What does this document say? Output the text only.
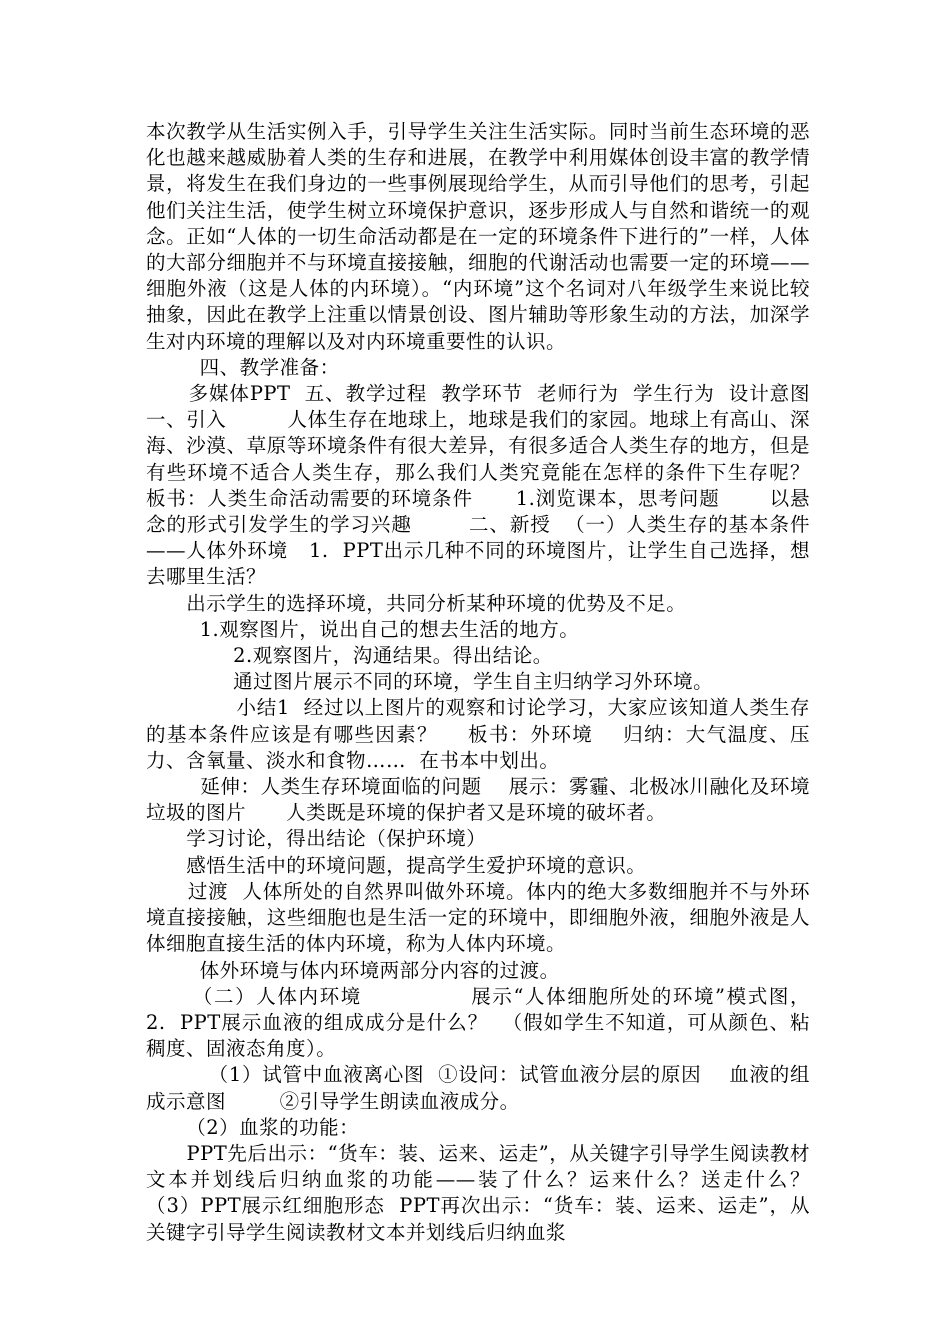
本次教学从生活实例入手，引导学生关注生活实际。同时当前生态环境的恶化也越来越威胁着人类的生存和进展，在教学中利用媒体创设丰富的教学情景，将发生在我们身边的一些事例展现给学生，从而引导他们的思考，引起他们关注生活，使学生树立环境保护意识，逐步形成人与自然和谐统一的观念。正如“人体的一切生命活动都是在一定的环境条件下进行的”一样，人体的大部分细胞并不与环境直接接触，细胞的代谢活动也需要一定的环境——细胞外液（这是人体的内环境）。“内环境”这个名词对八年级学生来说比较抽象，因此在教学上注重以情景创设、图片辅助等形象生动的方法，加深学生对内环境的理解以及对内环境重要性的认识。

四、教学准备：

多媒体PPT  五、教学过程  教学环节  老师行为  学生行为  设计意图  一、引入         人体生存在地球上，地球是我们的家园。地球上有高山、深海、沙漠、草原等环境条件有很大差异，有很多适合人类生存的地方，但是有些环境不适合人类生存，那么我们人类究竟能在怎样的条件下生存呢？        板书：人类生命活动需要的环境条件      1.浏览课本，思考问题       以悬念的形式引发学生的学习兴趣        二、新授  （一）人类生存的基本条件——人体外环境   1.  PPT出示几种不同的环境图片，让学生自己选择，想去哪里生活？

出示学生的选择环境，共同分析某种环境的优势及不足。

1.观察图片，说出自己的想去生活的地方。

2.观察图片，沟通结果。得出结论。

通过图片展示不同的环境，学生自主归纳学习外环境。

小结1  经过以上图片的观察和讨论学习，大家应该知道人类生存的基本条件应该是有哪些因素？    板书：外环境    归纳：大气温度、压力、含氧量、淡水和食物……  在书本中划出。

延伸：人类生存环境面临的问题    展示：雾霾、北极冰川融化及环境垃圾的图片      人类既是环境的保护者又是环境的破坏者。

学习讨论，得出结论（保护环境）

感悟生活中的环境问题，提高学生爱护环境的意识。

过渡  人体所处的自然界叫做外环境。体内的绝大多数细胞并不与外环境直接接触，这些细胞也是生活一定的环境中，即细胞外液，细胞外液是人体细胞直接生活的体内环境，称为人体内环境。

体外环境与体内环境两部分内容的过渡。

（二）人体内环境              展示“人体细胞所处的环境”模式图，        2.  PPT展示血液的组成成分是什么？  （假如学生不知道，可从颜色、粘稠度、固液态角度）。

（1）试管中血液离心图  ①设问：试管血液分层的原因    血液的组成示意图        ②引导学生朗读血液成分。

（2）血浆的功能：

PPT先后出示：“货车：装、运来、运走”，从关键字引导学生阅读教材文本并划线后归纳血浆的功能——装了什么？运来什么？送走什么？    （3）PPT展示红细胞形态  PPT再次出示：“货车：装、运来、运走”，从关键字引导学生阅读教材文本并划线后归纳血浆
